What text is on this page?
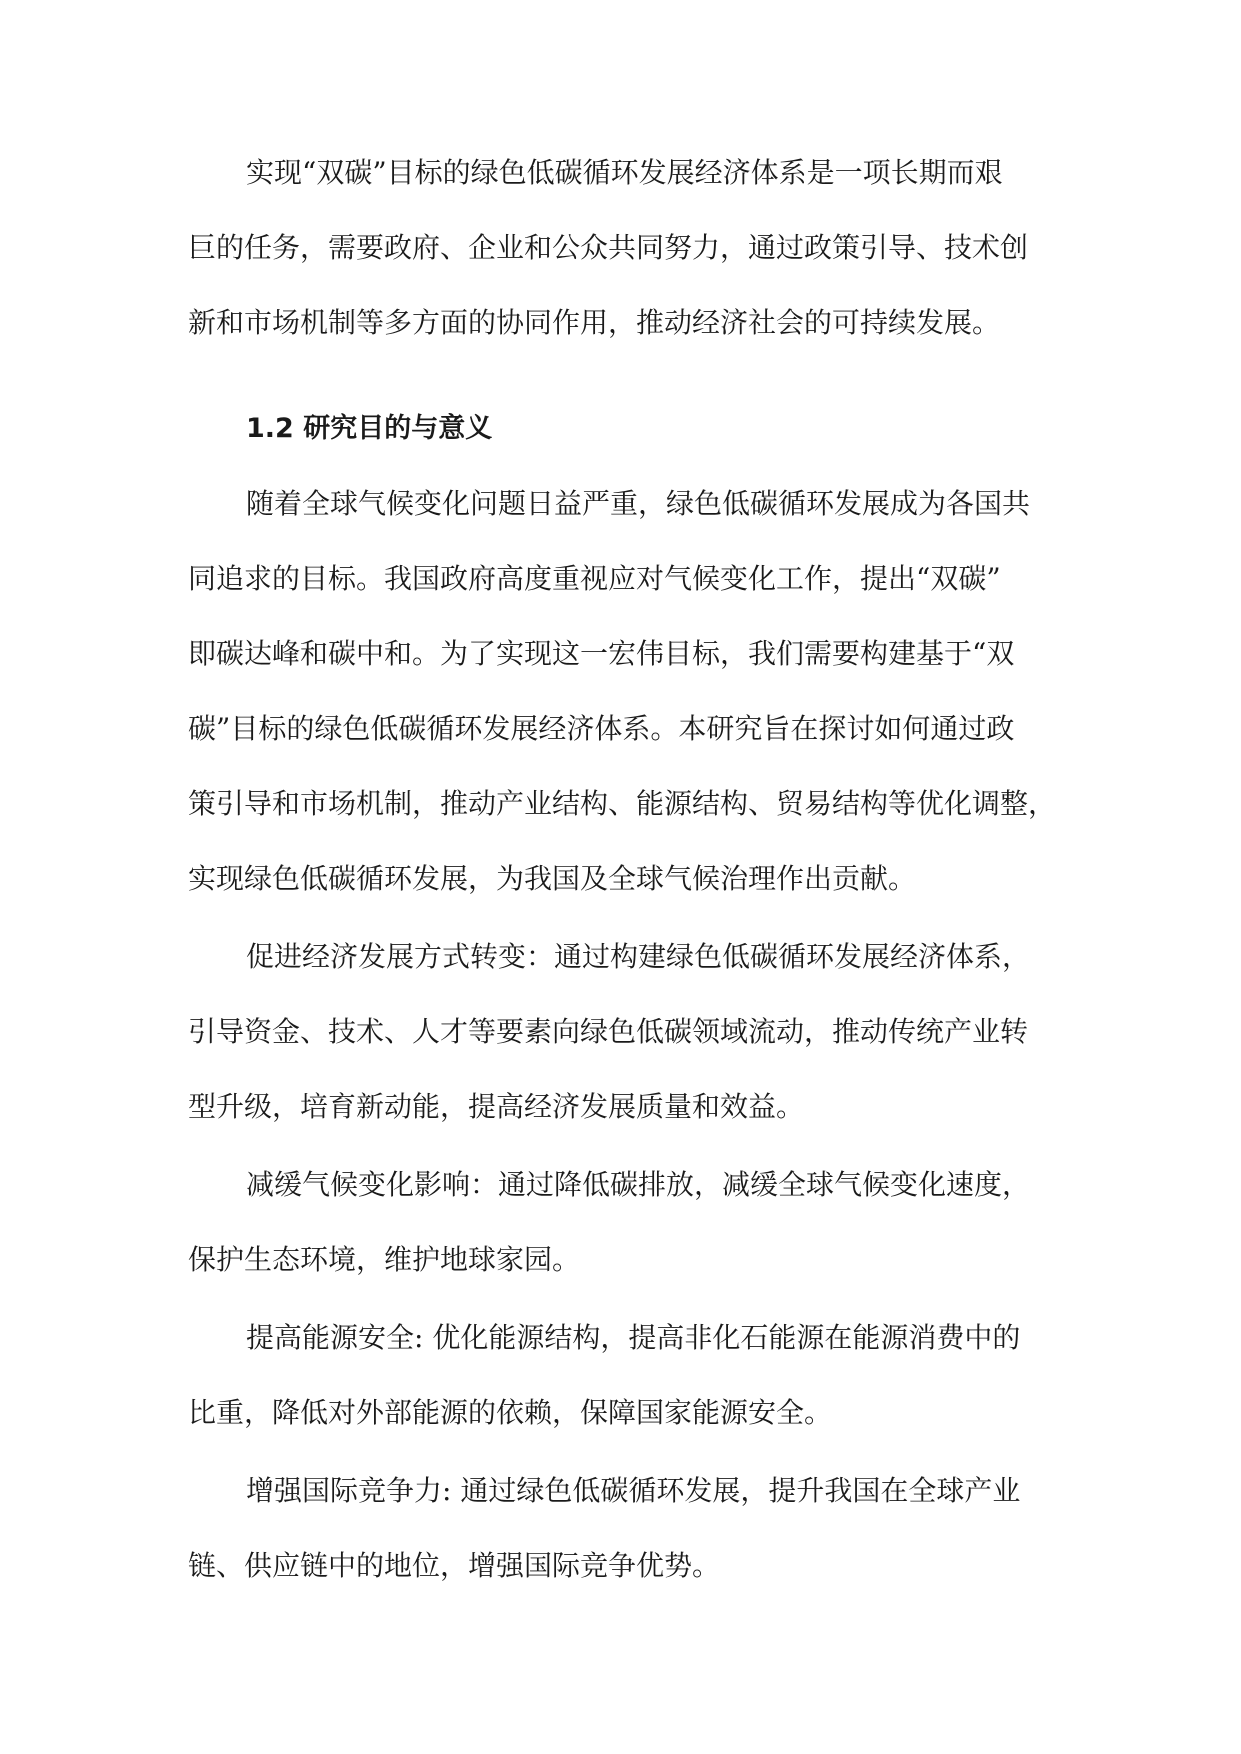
实现“双碳”目标的绿色低碳循环发展经济体系是一项长期而艰
巨的任务，需要政府、企业和公众共同努力，通过政策引导、技术创
新和市场机制等多方面的协同作用，推动经济社会的可持续发展。
1.2 研究目的与意义
随着全球气候变化问题日益严重，绿色低碳循环发展成为各国共
同追求的目标。我国政府高度重视应对气候变化工作，提出“双碳”
即碳达峰和碳中和。为了实现这一宏伟目标，我们需要构建基于“双
碳”目标的绿色低碳循环发展经济体系。本研究旨在探讨如何通过政
策引导和市场机制，推动产业结构、能源结构、贸易结构等优化调整，
实现绿色低碳循环发展，为我国及全球气候治理作出贡献。
促进经济发展方式转变：通过构建绿色低碳循环发展经济体系，
引导资金、技术、人才等要素向绿色低碳领域流动，推动传统产业转
型升级，培育新动能，提高经济发展质量和效益。
减缓气候变化影响：通过降低碳排放，减缓全球气候变化速度，
保护生态环境，维护地球家园。
提高能源安全: 优化能源结构，提高非化石能源在能源消费中的
比重，降低对外部能源的依赖，保障国家能源安全。
增强国际竞争力: 通过绿色低碳循环发展，提升我国在全球产业
链、供应链中的地位，增强国际竞争优势。
